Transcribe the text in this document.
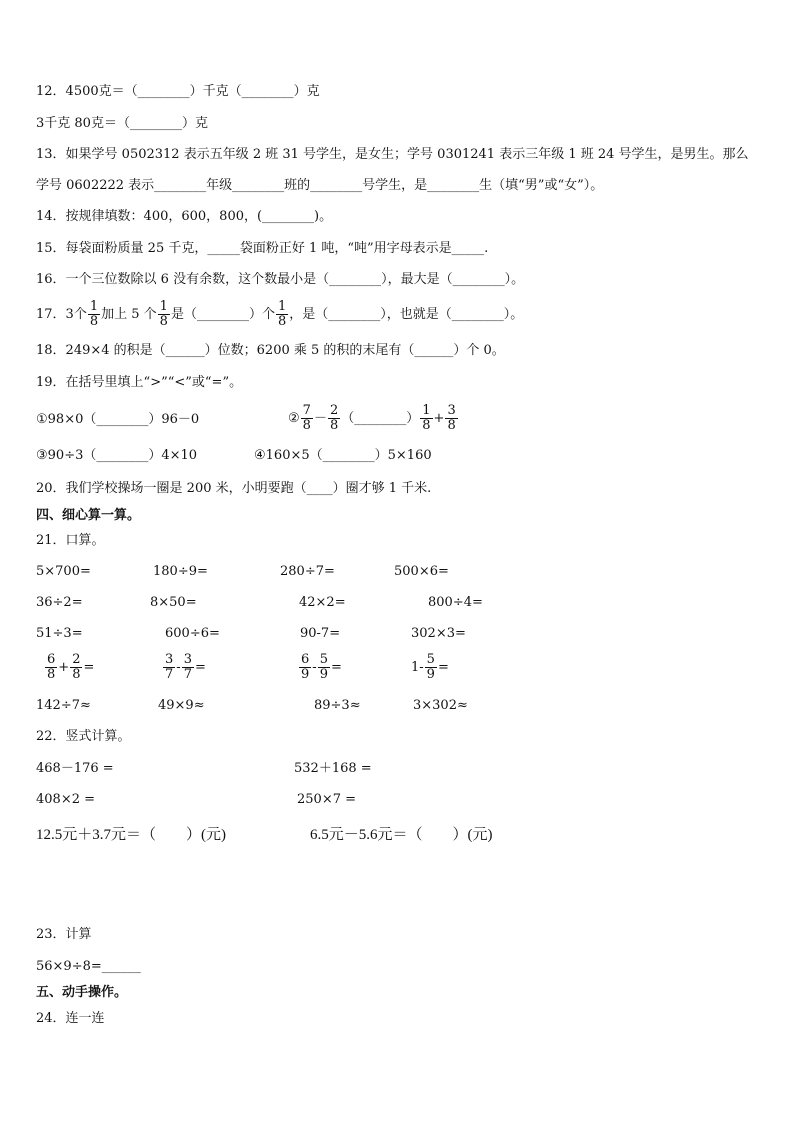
12．4500克＝（________）千克（________）克
3千克 80克＝（________）克
13．如果学号 0502312 表示五年级 2 班 31 号学生，是女生；学号 0301241 表示三年级 1 班 24 号学生，是男生。那么
学号 0602222 表示________年级________班的________号学生，是________生（填“男”或“女”）。
14．按规律填数：400，600，800，(________)。
15．每袋面粉质量 25 千克，_____袋面粉正好 1 吨，“吨”用字母表示是_____.
16．一个三位数除以 6 没有余数，这个数最小是（________），最大是（________）。
17．3个 $\frac{1}{8}$ 加上 5 个 $\frac{1}{8}$ 是（________）个 $\frac{1}{8}$ ，是（________），也就是（________）。
18．249×4 的积是（______）位数；6200 乘 5 的积的末尾有（______）个 0。
19．在括号里填上“>”“<”或“=”。
①98×0（________）96－0	② $\frac{7}{8} - \frac{2}{8}$ （________） $\frac{1}{8} + \frac{3}{8}$
③90÷3（________）4×10	④160×5（________）5×160
20．我们学校操场一圈是 200 米，小明要跑（____）圈才够 1 千米.
四、细心算一算。
21．口算。
5×700=	180÷9=	280÷7=	500×6=
36÷2=	8×50=	42×2=	800÷4=
51÷3=	600÷6=	90-7=	302×3=
$\frac{6}{8} + \frac{2}{8}$ =	$\frac{3}{7} - \frac{3}{7}$ =	$\frac{6}{9} - \frac{5}{9}$ =	$1- \frac{5}{9}$ =
142÷7≈	49×9≈	89÷3≈	3×302≈
22．竖式计算。
468－176 =	532＋168 =
408×2 =	250×7 =
12.5元＋3.7元＝（　　）(元)	6.5元－5.6元＝（　　）(元)
23．计算
56×9÷8=______
五、动手操作。
24．连一连
